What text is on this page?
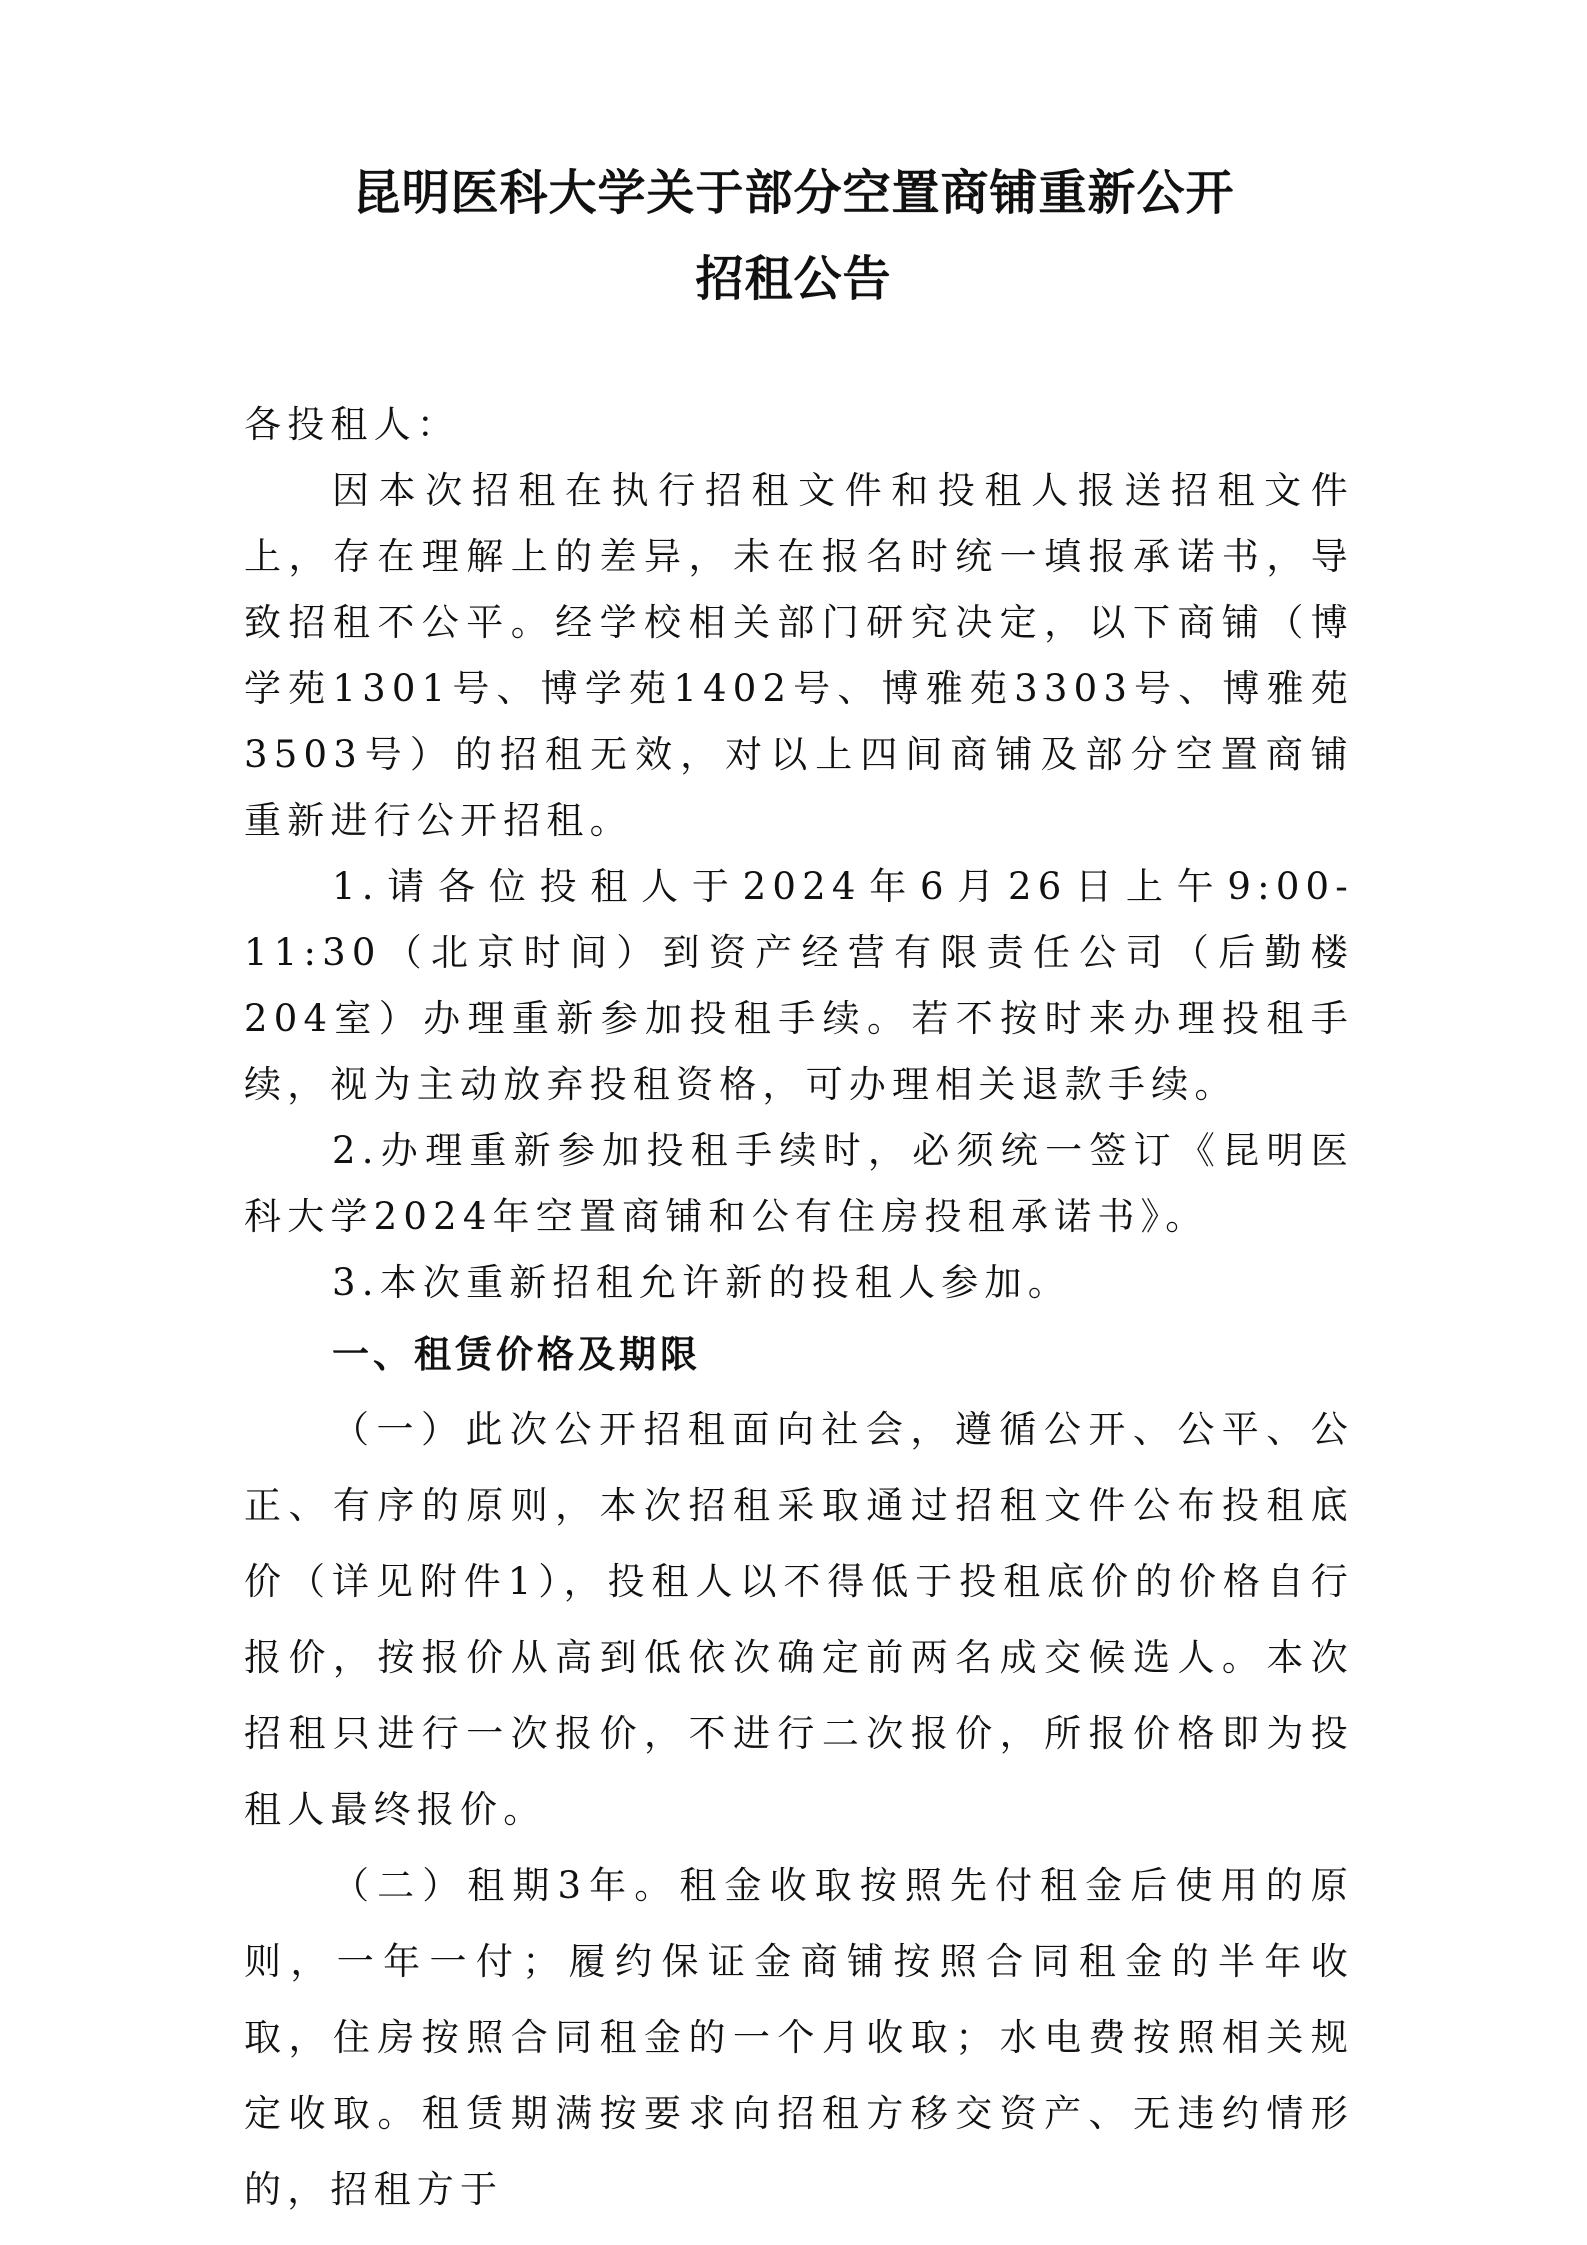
昆明医科大学关于部分空置商铺重新公开
招租公告

各投租人：

因本次招租在执行招租文件和投租人报送招租文件上，存在理解上的差异，未在报名时统一填报承诺书，导致招租不公平。经学校相关部门研究决定，以下商铺（博学苑1301号、博学苑1402号、博雅苑3303号、博雅苑3503号）的招租无效，对以上四间商铺及部分空置商铺重新进行公开招租。

1.请各位投租人于2024年6月26日上午9:00-11:30（北京时间）到资产经营有限责任公司（后勤楼204室）办理重新参加投租手续。若不按时来办理投租手续，视为主动放弃投租资格，可办理相关退款手续。

2.办理重新参加投租手续时，必须统一签订《昆明医科大学2024年空置商铺和公有住房投租承诺书》。

3.本次重新招租允许新的投租人参加。

一、租赁价格及期限

（一）此次公开招租面向社会，遵循公开、公平、公正、有序的原则，本次招租采取通过招租文件公布投租底价（详见附件1），投租人以不得低于投租底价的价格自行报价，按报价从高到低依次确定前两名成交候选人。本次招租只进行一次报价，不进行二次报价，所报价格即为投租人最终报价。

（二）租期3年。租金收取按照先付租金后使用的原则，一年一付；履约保证金商铺按照合同租金的半年收取，住房按照合同租金的一个月收取；水电费按照相关规定收取。租赁期满按要求向招租方移交资产、无违约情形的，招租方于
